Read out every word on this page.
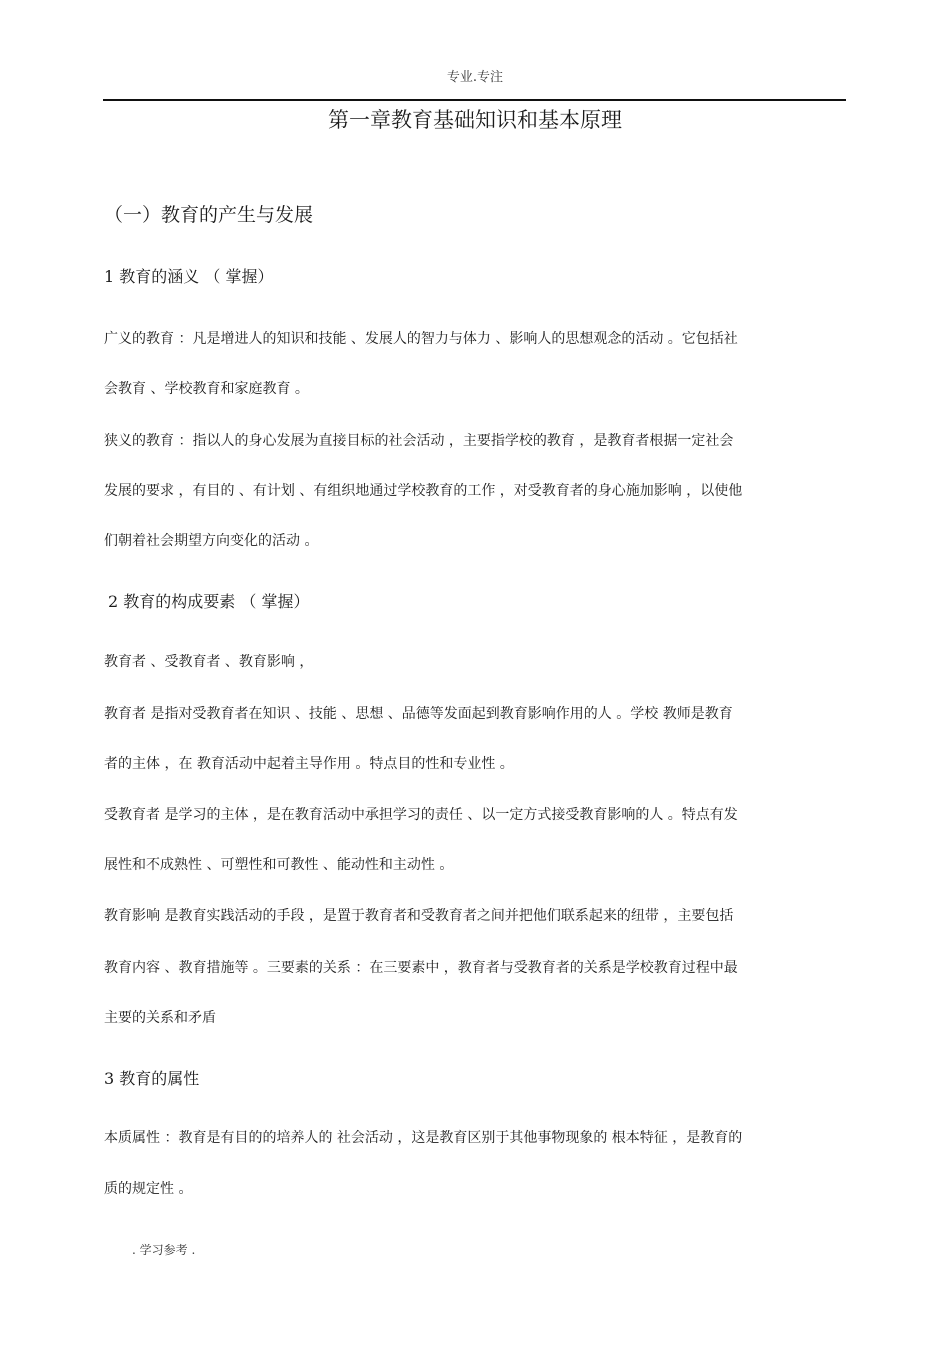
专业.专注
第一章教育基础知识和基本原理
（一）教育的产生与发展
1 教育的涵义 （ 掌握）
广义的教育 ：凡是增进人的知识和技能 、发展人的智力与体力 、影响人的思想观念的活动 。它包括社
会教育 、学校教育和家庭教育 。
狭义的教育 ：指以人的身心发展为直接目标的社会活动 ，主要指学校的教育 ，是教育者根据一定社会
发展的要求 ，有目的 、有计划 、有组织地通过学校教育的工作 ，对受教育者的身心施加影响 ，以使他
们朝着社会期望方向变化的活动 。
2 教育的构成要素 （ 掌握）
教育者 、受教育者 、教育影响 ，
教育者 是指对受教育者在知识 、技能 、思想 、品德等发面起到教育影响作用的人 。学校 教师是教育
者的主体 ，在 教育活动中起着主导作用 。特点目的性和专业性 。
受教育者 是学习的主体 ，是在教育活动中承担学习的责任 、以一定方式接受教育影响的人 。特点有发
展性和不成熟性 、可塑性和可教性 、能动性和主动性 。
教育影响 是教育实践活动的手段 ，是置于教育者和受教育者之间并把他们联系起来的纽带 ，主要包括
教育内容 、教育措施等 。三要素的关系 ：在三要素中 ，教育者与受教育者的关系是学校教育过程中最
主要的关系和矛盾
3 教育的属性
本质属性 ：教育是有目的的培养人的 社会活动 ，这是教育区别于其他事物现象的 根本特征 ，是教育的
质的规定性 。
. 学习参考 .
